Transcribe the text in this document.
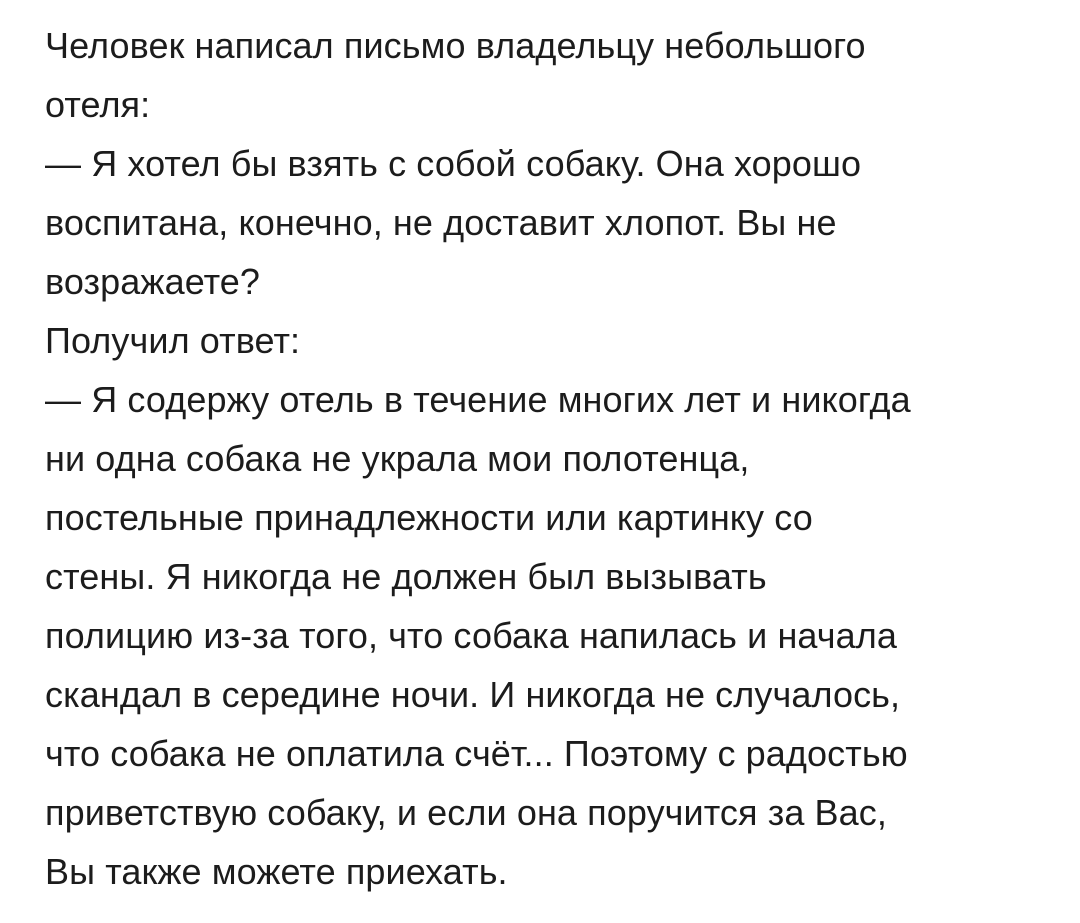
Человек написал письмо владельцу небольшого
отеля:
— Я хотел бы взять с собой собаку. Она хорошо
воспитана, конечно, не доставит хлопот. Вы не
возражаете?
Получил ответ:
— Я содержу отель в течение многих лет и никогда
ни одна собака не украла мои полотенца,
постельные принадлежности или картинку со
стены. Я никогда не должен был вызывать
полицию из-за того, что собака напилась и начала
скандал в середине ночи. И никогда не случалось,
что собака не оплатила счёт... Поэтому с радостью
приветствую собаку, и если она поручится за Вас,
Вы также можете приехать.
